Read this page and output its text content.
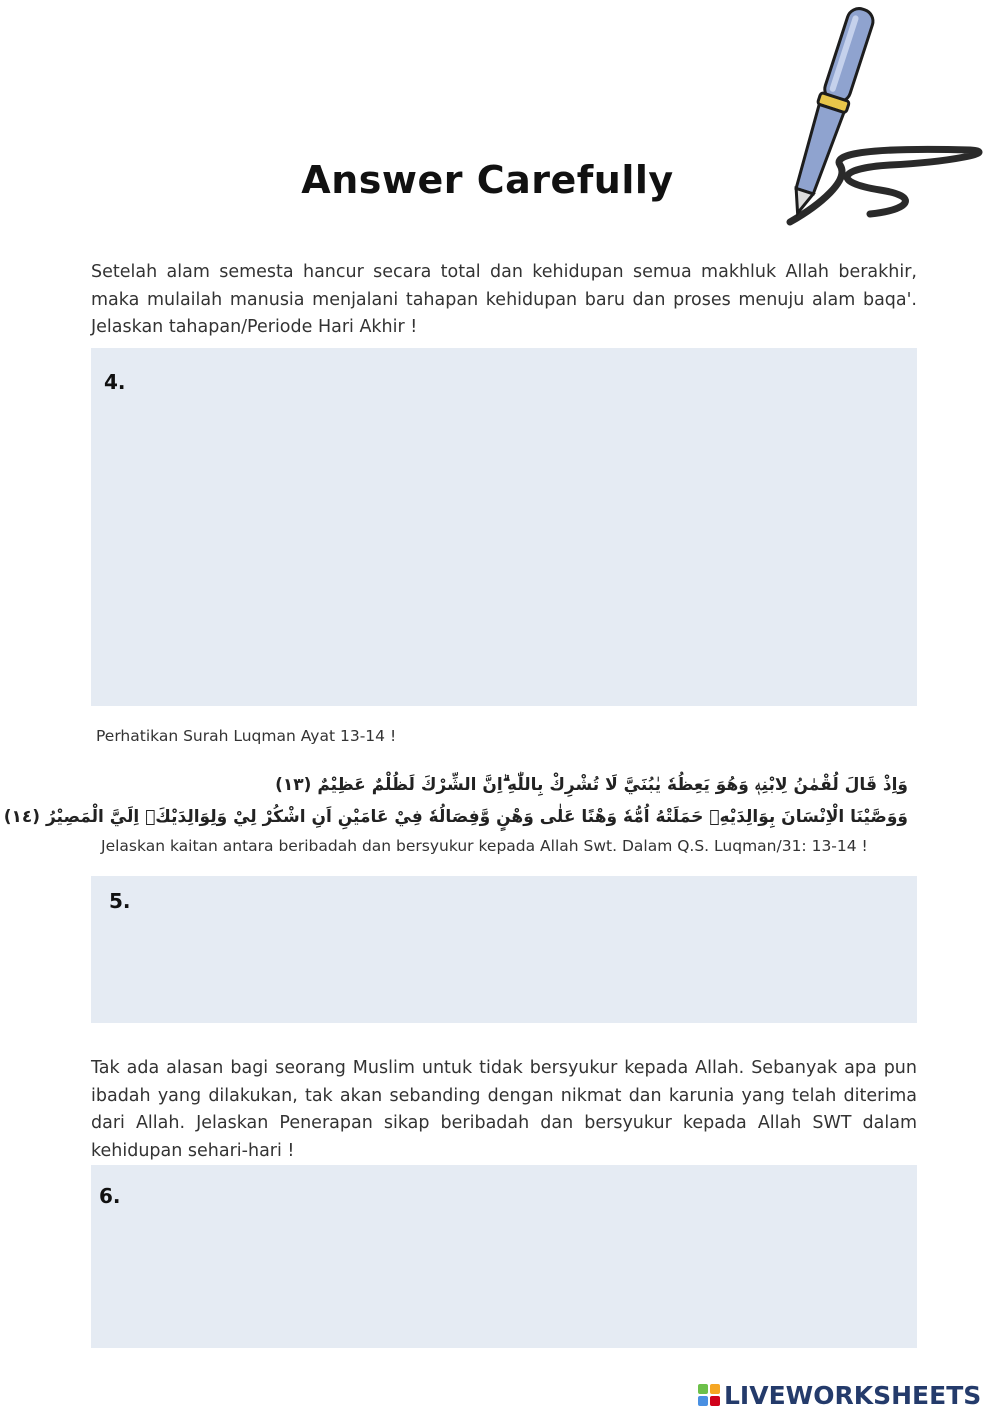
Answer Carefully
Setelah alam semesta hancur secara total dan kehidupan semua makhluk Allah berakhir, maka mulailah manusia menjalani tahapan kehidupan baru dan proses menuju alam baqa'. Jelaskan tahapan/Periode Hari Akhir !
4.
Perhatikan Surah Luqman Ayat 13-14 !
وَاِذْ قَالَ لُقْمٰنُ لِابْنِهٖ وَهُوَ يَعِظُهٗ يٰبُنَيَّ لَا تُشْرِكْ بِاللّٰهِ ۗاِنَّ الشِّرْكَ لَظُلْمٌ عَظِيْمٌ (١٣)
وَوَصَّيْنَا الْاِنْسَانَ بِوَالِدَيْهِۚ حَمَلَتْهُ اُمُّهٗ وَهْنًا عَلٰى وَهْنٍ وَّفِصَالُهٗ فِيْ عَامَيْنِ اَنِ اشْكُرْ لِيْ وَلِوَالِدَيْكَۗ اِلَيَّ الْمَصِيْرُ (١٤)
Jelaskan kaitan antara beribadah dan bersyukur kepada Allah Swt. Dalam Q.S. Luqman/31: 13-14 !
5.
Tak ada alasan bagi seorang Muslim untuk tidak bersyukur kepada Allah. Sebanyak apa pun ibadah yang dilakukan, tak akan sebanding dengan nikmat dan karunia yang telah diterima dari Allah. Jelaskan Penerapan sikap beribadah dan bersyukur kepada Allah SWT dalam kehidupan sehari-hari !
6.
LIVEWORKSHEETS
